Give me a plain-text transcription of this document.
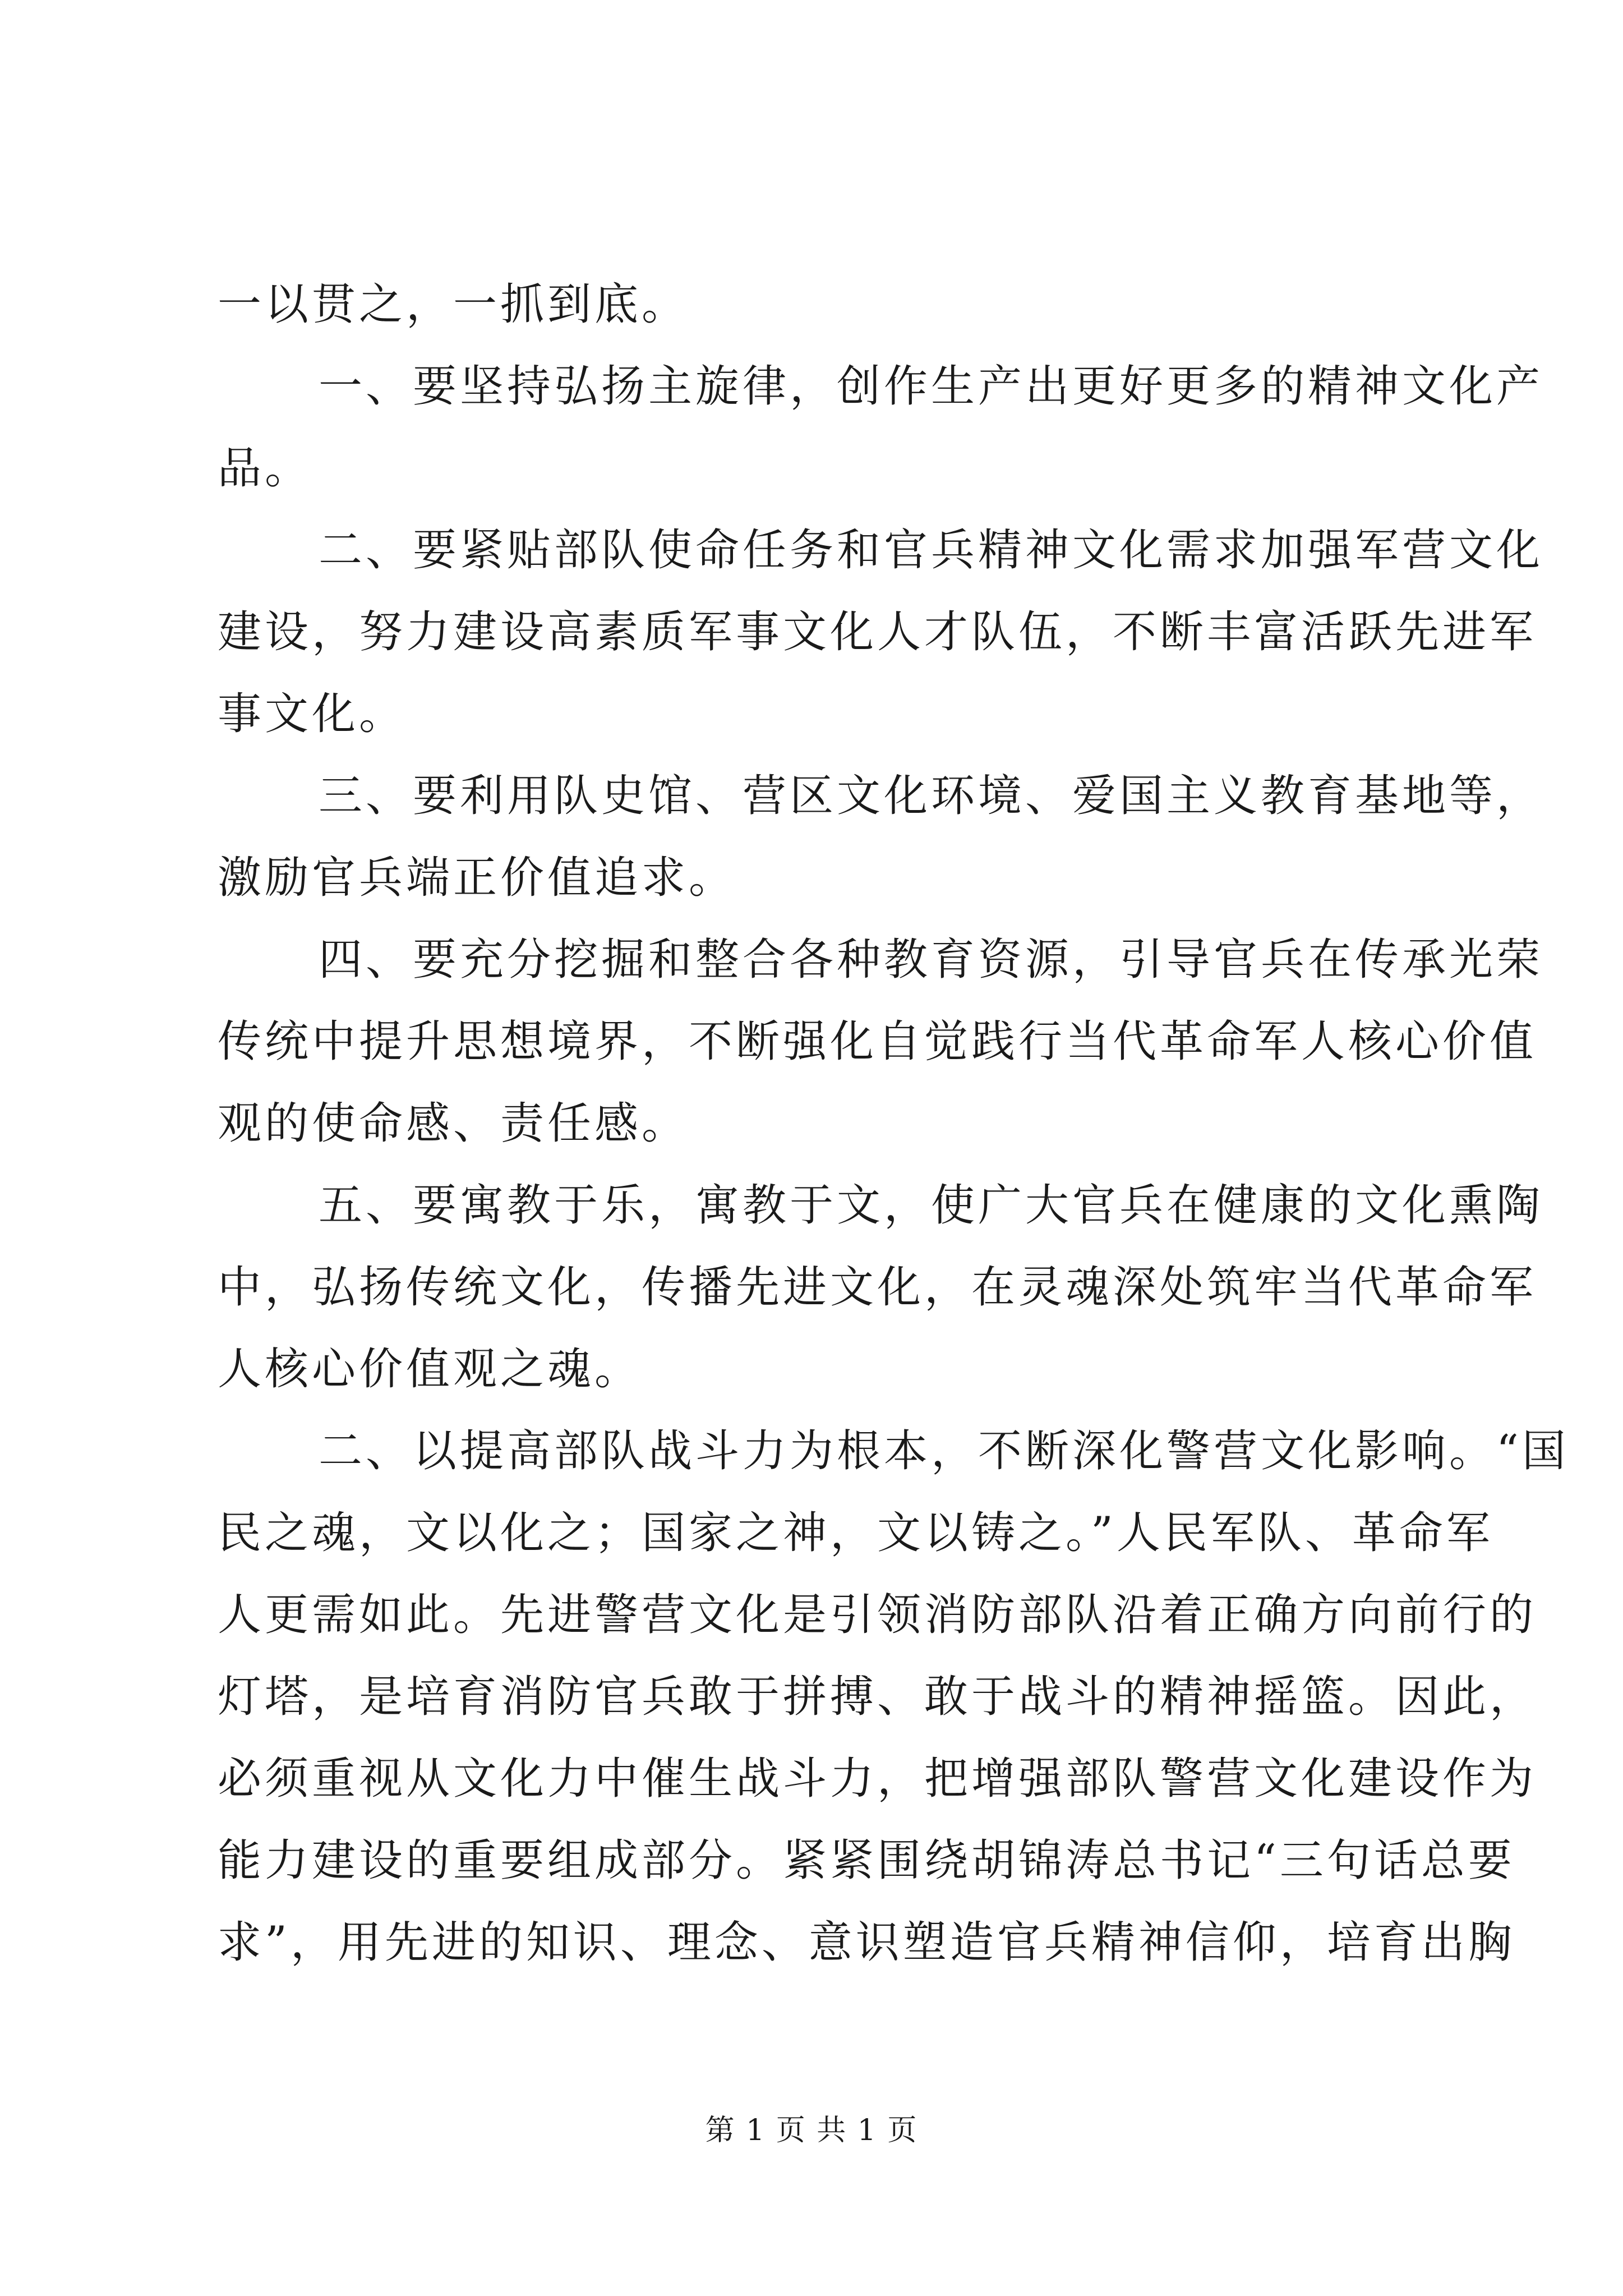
一以贯之，一抓到底。
一、要坚持弘扬主旋律，创作生产出更好更多的精神文化产
品。
二、要紧贴部队使命任务和官兵精神文化需求加强军营文化
建设，努力建设高素质军事文化人才队伍，不断丰富活跃先进军
事文化。
三、要利用队史馆、营区文化环境、爱国主义教育基地等，
激励官兵端正价值追求。
四、要充分挖掘和整合各种教育资源，引导官兵在传承光荣
传统中提升思想境界，不断强化自觉践行当代革命军人核心价值
观的使命感、责任感。
五、要寓教于乐，寓教于文，使广大官兵在健康的文化熏陶
中，弘扬传统文化，传播先进文化，在灵魂深处筑牢当代革命军
人核心价值观之魂。
二、以提高部队战斗力为根本，不断深化警营文化影响。“国
民之魂，文以化之；国家之神，文以铸之。”人民军队、革命军
人更需如此。先进警营文化是引领消防部队沿着正确方向前行的
灯塔，是培育消防官兵敢于拼搏、敢于战斗的精神摇篮。因此，
必须重视从文化力中催生战斗力，把增强部队警营文化建设作为
能力建设的重要组成部分。紧紧围绕胡锦涛总书记“三句话总要
求”，用先进的知识、理念、意识塑造官兵精神信仰，培育出胸
第 1 页 共 1 页
